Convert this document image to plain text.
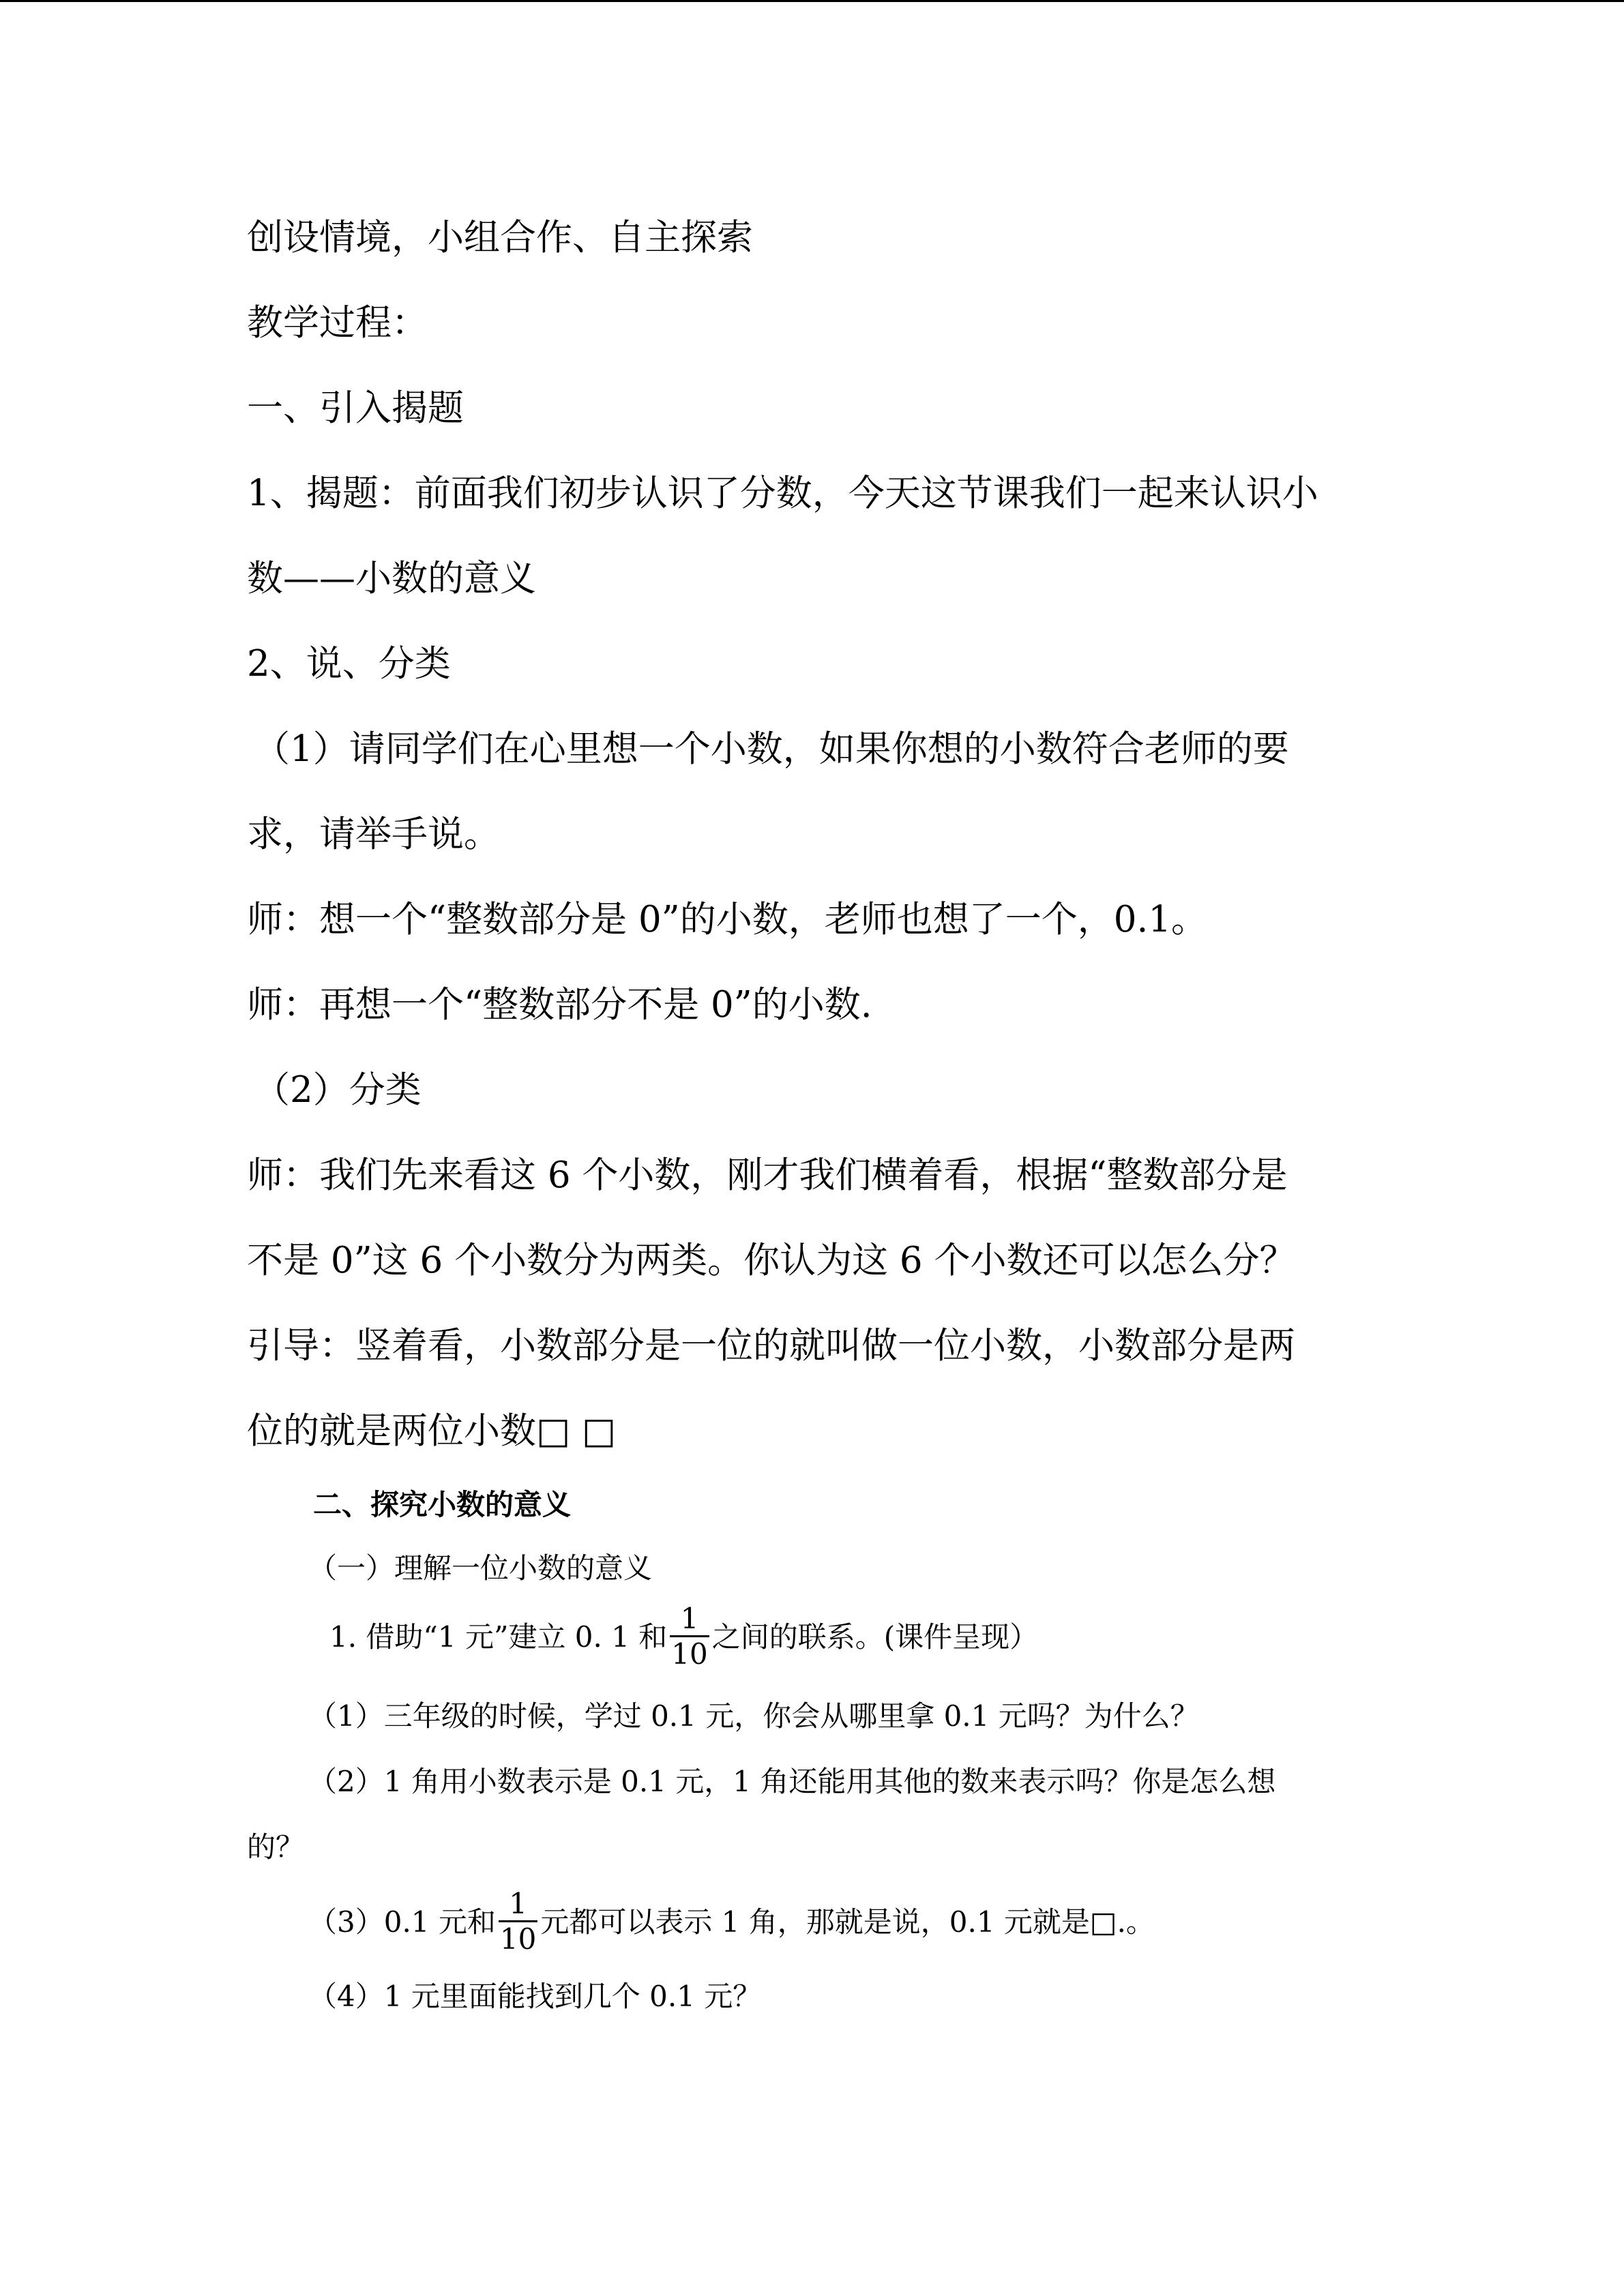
创设情境，小组合作、自主探索
教学过程：
一、引入揭题
1、揭题：前面我们初步认识了分数，今天这节课我们一起来认识小
数——小数的意义
2、说、分类
（1）请同学们在心里想一个小数，如果你想的小数符合老师的要
求，请举手说。
师：想一个“整数部分是 0”的小数，老师也想了一个，0.1。
师：再想一个“整数部分不是 0”的小数.
（2）分类
师：我们先来看这 6 个小数，刚才我们横着看，根据“整数部分是
不是 0”这 6 个小数分为两类。你认为这 6 个小数还可以怎么分？
引导：竖着看，小数部分是一位的就叫做一位小数，小数部分是两
位的就是两位小数□ □
二、探究小数的意义
（一）理解一位小数的意义
1. 借助“1 元”建立 0. 1 和 $\frac{1}{10}$ 之间的联系。(课件呈现）
（1）三年级的时候，学过 0.1 元，你会从哪里拿 0.1 元吗？为什么？
（2）1 角用小数表示是 0.1 元，1 角还能用其他的数来表示吗？你是怎么想
的？
（3）0.1 元和 $\frac{1}{10}$ 元都可以表示 1 角，那就是说，0.1 元就是□.。
（4）1 元里面能找到几个 0.1 元？
